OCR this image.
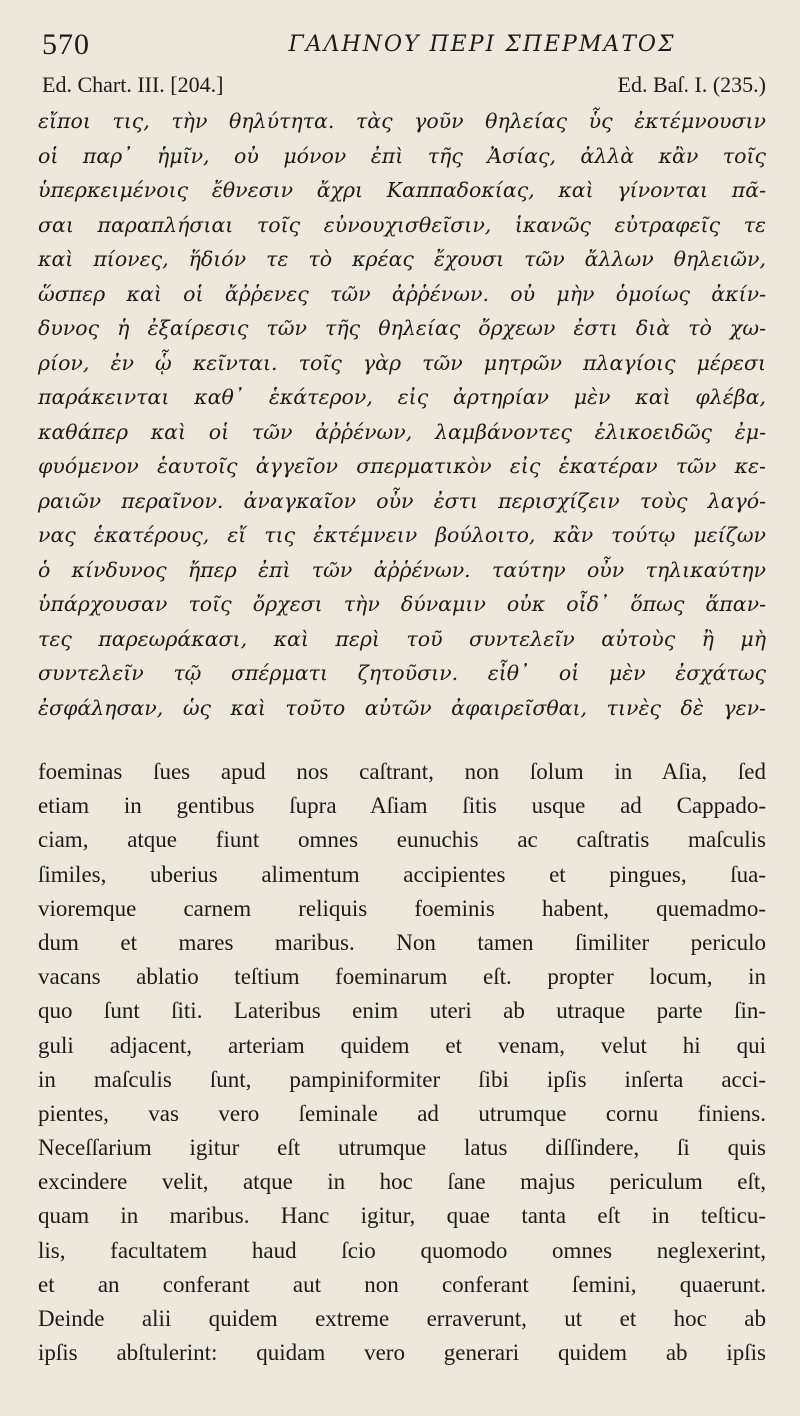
570	ΓΑΛΗΝΟΥ ΠΕΡΙ ΣΠΕΡΜΑΤΟΣ
Ed. Chart. III. [204.]	Ed. Baſ. I. (235.)
εἴποι τις, τὴν θηλύτητα. τὰς γοῦν θηλείας ὗς ἐκτέμνουσιν
οἱ παρ᾽ ἡμῖν, οὐ μόνον ἐπὶ τῆς Ἀσίας, ἀλλὰ κἂν τοῖς
ὑπερκειμένοις ἔθνεσιν ἄχρι Καππαδοκίας, καὶ γίνονται πᾶ-
σαι παραπλήσιαι τοῖς εὐνουχισθεῖσιν, ἱκανῶς εὐτραφεῖς τε
καὶ πίονες, ἥδιόν τε τὸ κρέας ἔχουσι τῶν ἄλλων θηλειῶν,
ὥσπερ καὶ οἱ ἄῤῥενες τῶν ἀῤῥένων. οὐ μὴν ὁμοίως ἀκίν-
δυνος ἡ ἐξαίρεσις τῶν τῆς θηλείας ὄρχεων ἐστι διὰ τὸ χω-
ρίον, ἐν ᾧ κεῖνται. τοῖς γὰρ τῶν μητρῶν πλαγίοις μέρεσι
παράκεινται καθ᾽ ἑκάτερον, εἰς ἀρτηρίαν μὲν καὶ φλέβα,
καθάπερ καὶ οἱ τῶν ἀῤῥένων, λαμβάνοντες ἑλικοειδῶς ἐμ-
φυόμενον ἑαυτοῖς ἀγγεῖον σπερματικὸν εἰς ἑκατέραν τῶν κε-
ραιῶν περαῖνον. ἀναγκαῖον οὖν ἐστι περισχίζειν τοὺς λαγό-
νας ἑκατέρους, εἴ τις ἐκτέμνειν βούλοιτο, κἂν τούτῳ μείζων
ὁ κίνδυνος ἤπερ ἐπὶ τῶν ἀῤῥένων. ταύτην οὖν τηλικαύτην
ὑπάρχουσαν τοῖς ὄρχεσι τὴν δύναμιν οὐκ οἶδ᾽ ὅπως ἅπαν-
τες παρεωράκασι, καὶ περὶ τοῦ συντελεῖν αὐτοὺς ἢ μὴ
συντελεῖν τῷ σπέρματι ζητοῦσιν. εἶθ᾽ οἱ μὲν ἐσχάτως
ἐσφάλησαν, ὡς καὶ τοῦτο αὐτῶν ἀφαιρεῖσθαι, τινὲς δὲ γεν-
foeminas ſues apud nos caſtrant, non ſolum in Aſia, ſed
etiam in gentibus ſupra Aſiam ſitis usque ad Cappado-
ciam, atque fiunt omnes eunuchis ac caſtratis maſculis
ſimiles, uberius alimentum accipientes et pingues, ſua-
vioremque carnem reliquis foeminis habent, quemadmo-
dum et mares maribus. Non tamen ſimiliter periculo
vacans ablatio teſtium foeminarum eſt. propter locum, in
quo ſunt ſiti. Lateribus enim uteri ab utraque parte ſin-
guli adjacent, arteriam quidem et venam, velut hi qui
in maſculis ſunt, pampiniformiter ſibi ipſis inſerta acci-
pientes, vas vero ſeminale ad utrumque cornu finiens.
Neceſſarium igitur eſt utrumque latus diſſindere, ſi quis
excindere velit, atque in hoc ſane majus periculum eſt,
quam in maribus. Hanc igitur, quae tanta eſt in teſticu-
lis, facultatem haud ſcio quomodo omnes neglexerint,
et an conferant aut non conferant ſemini, quaerunt.
Deinde alii quidem extreme erraverunt, ut et hoc ab
ipſis abſtulerint: quidam vero generari quidem ab ipſis
